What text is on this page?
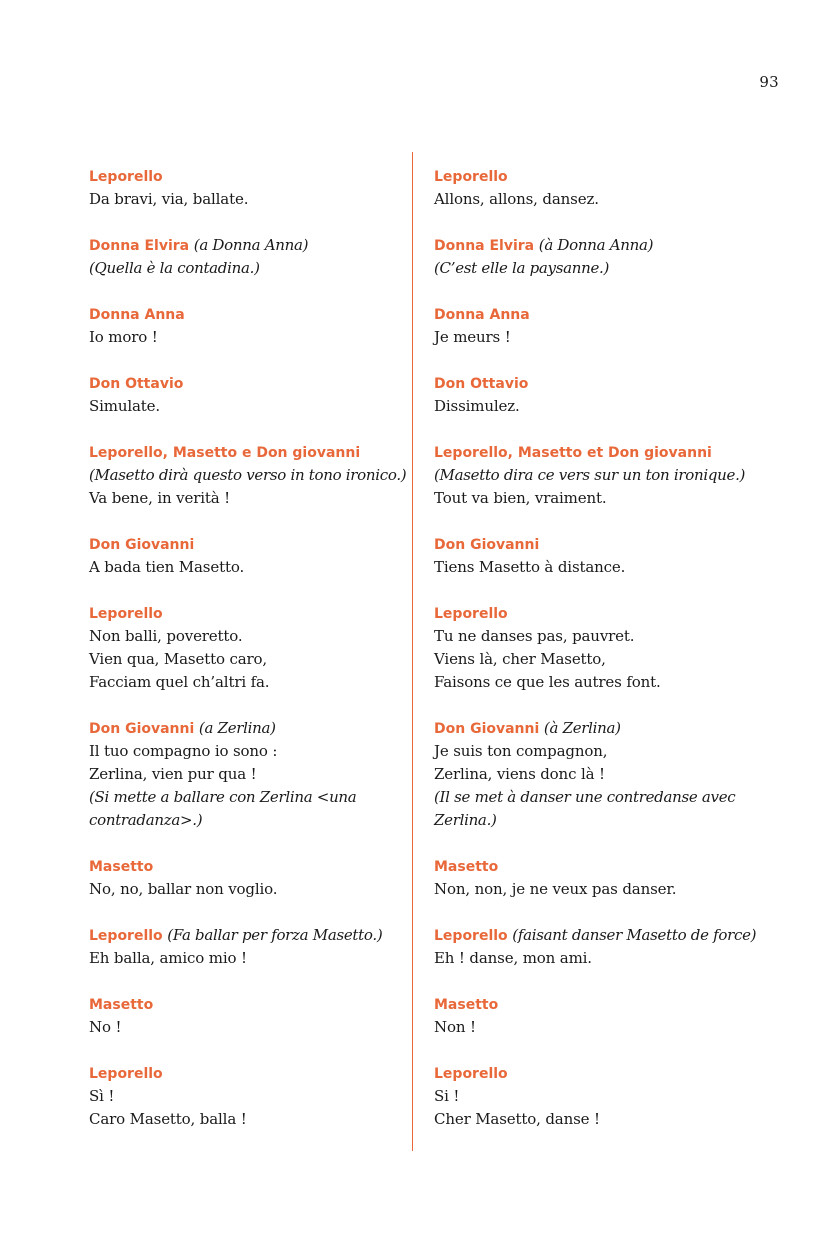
93
Leporello
Da bravi, via, ballate.
Donna Elvira (a Donna Anna)
(Quella è la contadina.)
Donna Anna
Io moro !
Don Ottavio
Simulate.
Leporello, Masetto e Don giovanni
(Masetto dirà questo verso in tono ironico.)
Va bene, in verità !
Don Giovanni
A bada tien Masetto.
Leporello
Non balli, poveretto.
Vien qua, Masetto caro,
Facciam quel ch’altri fa.
Don Giovanni (a Zerlina)
Il tuo compagno io sono :
Zerlina, vien pur qua !
(Si mette a ballare con Zerlina <una
contradanza>.)
Masetto
No, no, ballar non voglio.
Leporello (Fa ballar per forza Masetto.)
Eh balla, amico mio !
Masetto
No !
Leporello
Sì !
Caro Masetto, balla !
Leporello
Allons, allons, dansez.
Donna Elvira (à Donna Anna)
(C’est elle la paysanne.)
Donna Anna
Je meurs !
Don Ottavio
Dissimulez.
Leporello, Masetto et Don giovanni
(Masetto dira ce vers sur un ton ironique.)
Tout va bien, vraiment.
Don Giovanni
Tiens Masetto à distance.
Leporello
Tu ne danses pas, pauvret.
Viens là, cher Masetto,
Faisons ce que les autres font.
Don Giovanni (à Zerlina)
Je suis ton compagnon,
Zerlina, viens donc là !
(Il se met à danser une contredanse avec
Zerlina.)
Masetto
Non, non, je ne veux pas danser.
Leporello (faisant danser Masetto de force)
Eh ! danse, mon ami.
Masetto
Non !
Leporello
Si !
Cher Masetto, danse !
